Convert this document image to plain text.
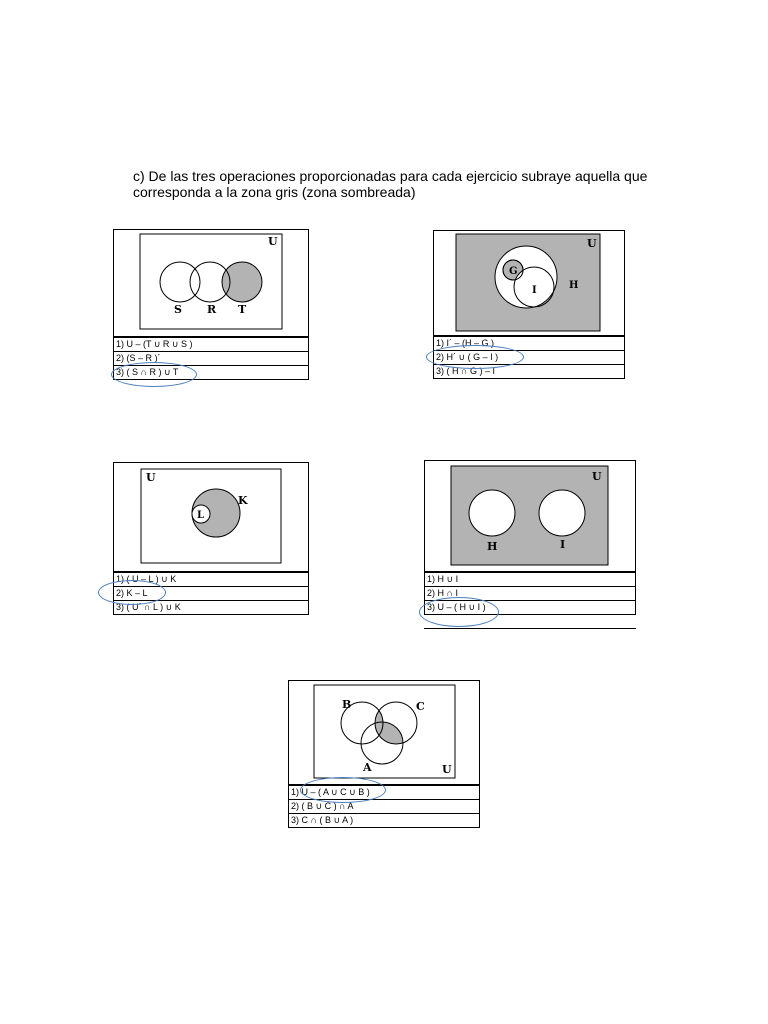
c) De las tres operaciones proporcionadas para cada ejercicio subraye aquella que corresponda a la zona gris (zona sombreada)

U
S R T
1) U – (T ∪ R ∪ S )
2) (S – R )´
3) ( S ∩ R ) ∪ T
U
G
I	H
1) I´ – (H – G )
2) H´ ∪ ( G – I )
3) ( H ∩ G ) – I
U
L
K
1) ( U – L ) ∪ K
2) K – L
3) ( U´ ∩ L ) ∪ K
U
H	I
1) H ∪ I
2) H ∩ I
3) U – ( H ∪ I )
U
B	C
A
1) U – ( A ∪ C ∪ B )
2) ( B ∪ C ) ∩ A
3) C ∩ ( B ∪ A )
